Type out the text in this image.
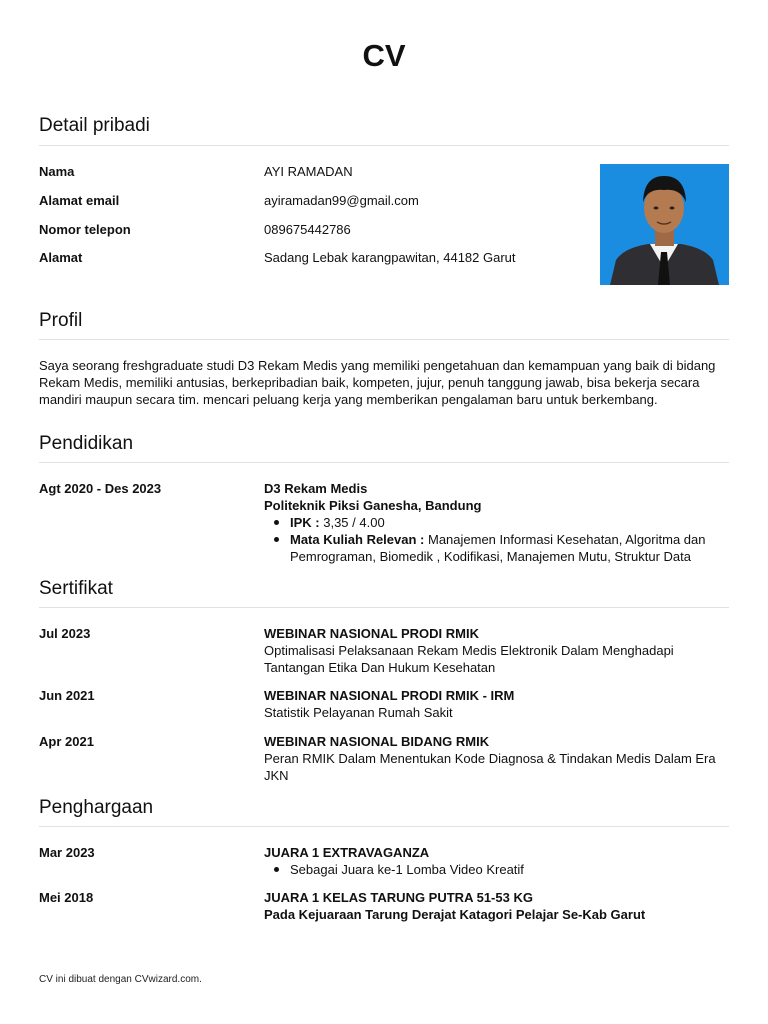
CV
Detail pribadi
Nama	AYI RAMADAN
Alamat email	ayiramadan99@gmail.com
Nomor telepon	089675442786
Alamat	Sadang Lebak karangpawitan, 44182 Garut
Profil

Saya seorang freshgraduate studi D3 Rekam Medis yang memiliki pengetahuan dan kemampuan yang baik di bidang Rekam Medis, memiliki antusias, berkepribadian baik, kompeten, jujur, penuh tanggung jawab, bisa bekerja secara mandiri maupun secara tim. mencari peluang kerja yang memberikan pengalaman baru untuk berkembang.

Pendidikan
Agt 2020 - Des 2023	D3 Rekam Medis
Politeknik Piksi Ganesha, Bandung
IPK : 3,35 / 4.00
Mata Kuliah Relevan : Manajemen Informasi Kesehatan, Algoritma dan Pemrograman, Biomedik , Kodifikasi, Manajemen Mutu, Struktur Data
Sertifikat
Jul 2023	WEBINAR NASIONAL PRODI RMIK
Optimalisasi Pelaksanaan Rekam Medis Elektronik Dalam Menghadapi Tantangan Etika Dan Hukum Kesehatan
Jun 2021	WEBINAR NASIONAL PRODI RMIK - IRM
Statistik Pelayanan Rumah Sakit
Apr 2021	WEBINAR NASIONAL BIDANG RMIK
Peran RMIK Dalam Menentukan Kode Diagnosa & Tindakan Medis Dalam Era JKN
Penghargaan
Mar 2023	JUARA 1 EXTRAVAGANZA
Sebagai Juara ke-1 Lomba Video Kreatif
Mei 2018	JUARA 1 KELAS TARUNG PUTRA 51-53 KG
Pada Kejuaraan Tarung Derajat Katagori Pelajar Se-Kab Garut
CV ini dibuat dengan CVwizard.com.
